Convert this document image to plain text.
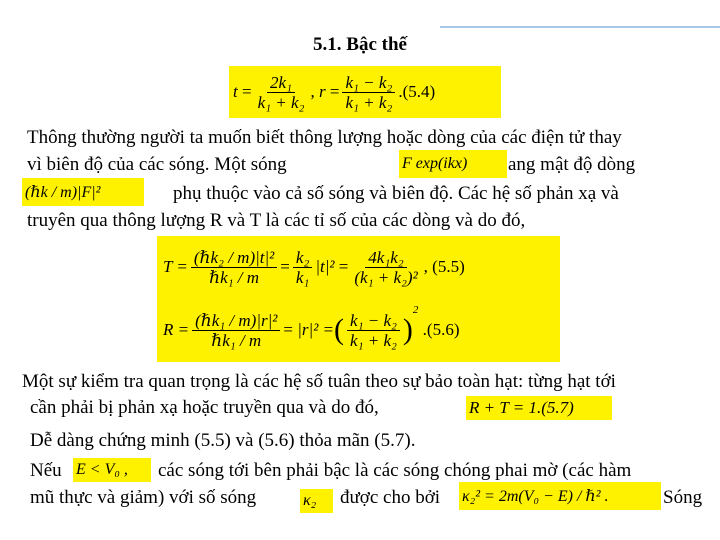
5.1. Bậc thế
t
= $\frac{\text{2k₁}}{\text{k₁ + k₂}}$ ,
r
= $\frac{\text{k₁ − k₂}}{\text{k₁ + k₂}} .(5.4)$
Thông thường người ta muốn biết thông lượng hoặc dòng của các điện tử thay
vì biên độ của các sóng. Một sóng	F exp(ikx)	ang mật độ dòng
(ℏk / m)|F|²	phụ thuộc vào cả số sóng và biên độ. Các hệ số phản xạ và
truyên qua thông lượng R và T là các tỉ số của các dòng và do đó,
$T = \frac{\text{(ℏk₂ / m)|t|²}}{\text{ℏk₁ / m}} = \frac{\text{k₂}}{\text{k₁}} |t|^2$
= $\frac{\text{4k₁k₂}}{\text{(k₁ + k₂)²}}$ , (5.5)
$R = \frac{\text{(ℏk₁ / m)|r|²}}{\text{ℏk₁ / m}}$ =
|r|² = ( $\frac{\text{k₁ − k₂}}{\text{k₁ + k₂}}$ )
$^2$

.(5.6)
Một sự kiểm tra quan trọng là các hệ số tuân theo sự bảo toàn hạt: từng hạt tới
cần phải bị phản xạ hoặc truyền qua và do đó,	R + T = 1.(5.7)
Dễ dàng chứng minh (5.5) và (5.6) thỏa mãn (5.7).
Nếu E < V₀ ,	các sóng tới bên phải bậc là các sóng chóng phai mờ (các hàm
mũ thực và giảm) với số sóng	κ₂	được cho bởi κ₂² = 2m(V₀ − E) / ℏ² .	Sóng
